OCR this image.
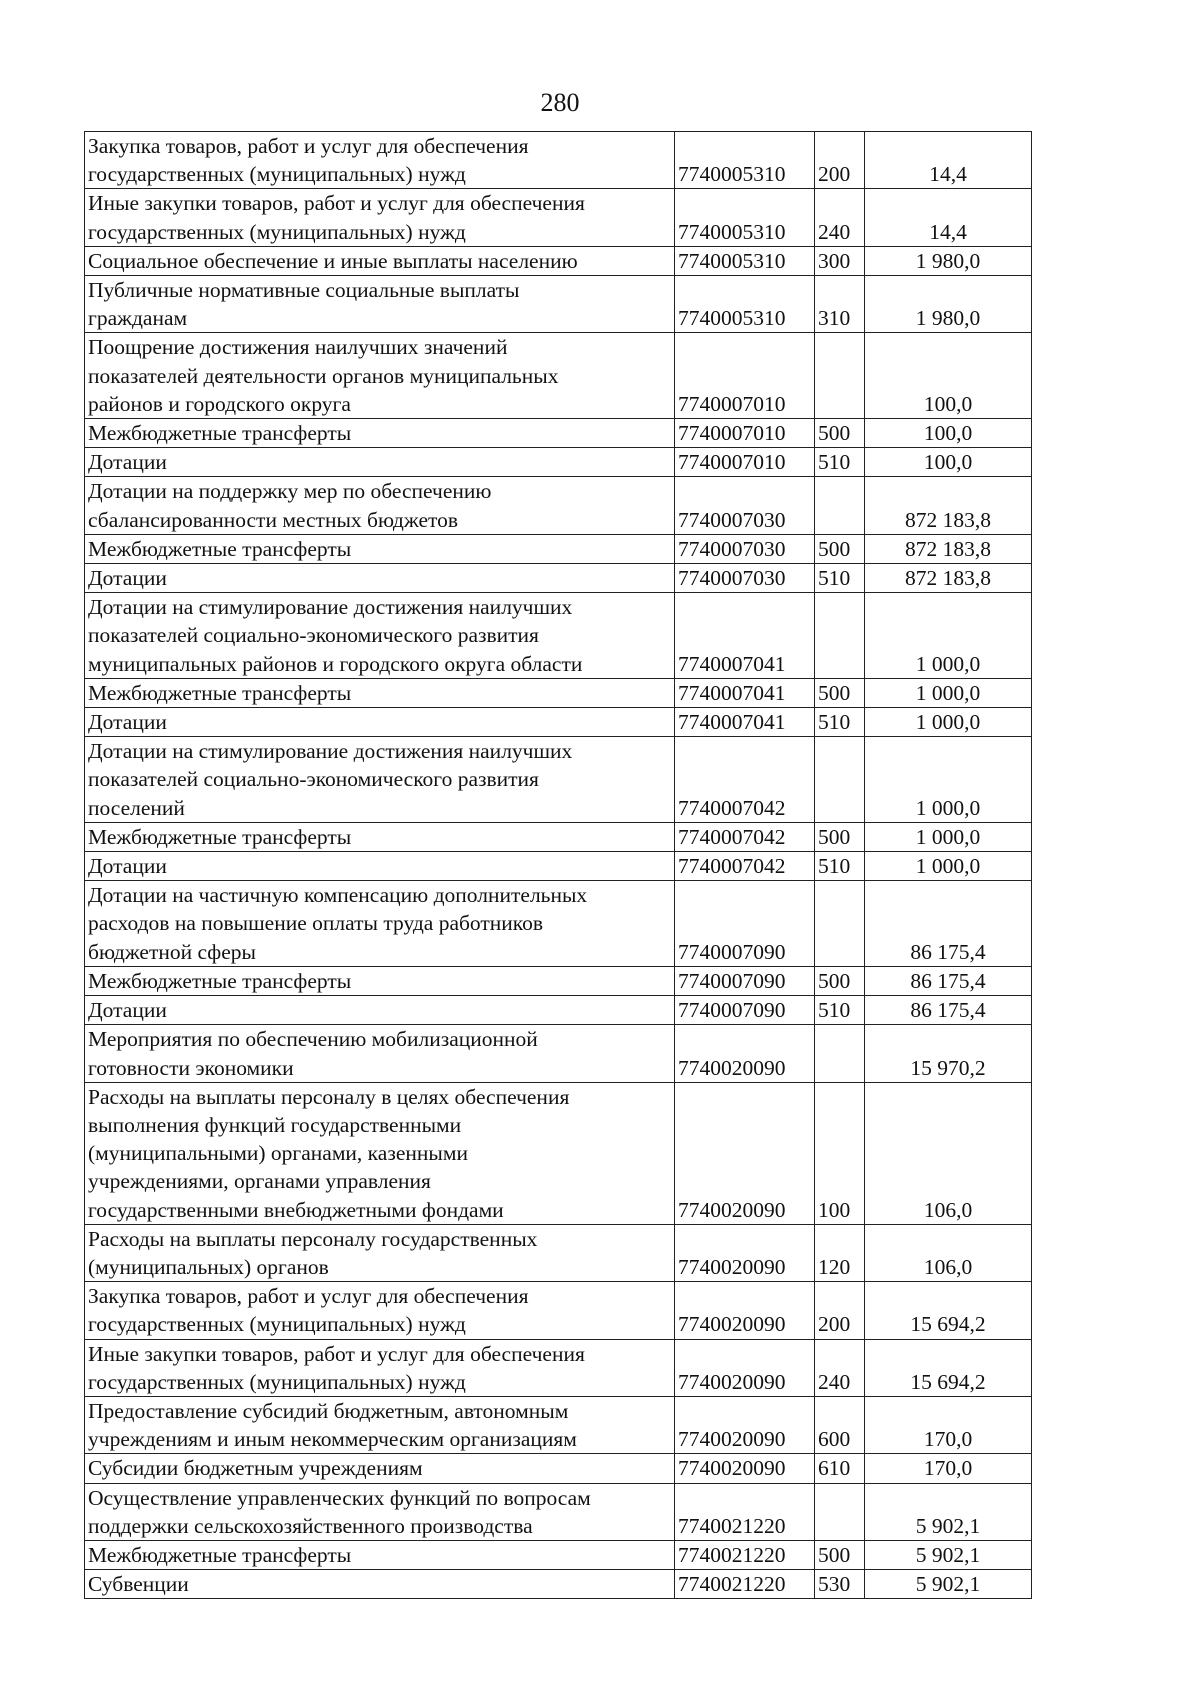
280
Закупка товаров, работ и услуг для обеспечения
государственных (муниципальных) нужд	7740005310	200	14,4
Иные закупки товаров, работ и услуг для обеспечения
государственных (муниципальных) нужд	7740005310	240	14,4
Социальное обеспечение и иные выплаты населению	7740005310	300	1 980,0
Публичные нормативные социальные выплаты
гражданам	7740005310	310	1 980,0
Поощрение достижения наилучших значений
показателей деятельности органов муниципальных
районов и городского округа	7740007010		100,0
Межбюджетные трансферты	7740007010	500	100,0
Дотации	7740007010	510	100,0
Дотации на поддержку мер по обеспечению
сбалансированности местных бюджетов	7740007030		872 183,8
Межбюджетные трансферты	7740007030	500	872 183,8
Дотации	7740007030	510	872 183,8
Дотации на стимулирование достижения наилучших
показателей социально-экономического развития
муниципальных районов и городского округа области	7740007041		1 000,0
Межбюджетные трансферты	7740007041	500	1 000,0
Дотации	7740007041	510	1 000,0
Дотации на стимулирование достижения наилучших
показателей социально-экономического развития
поселений	7740007042		1 000,0
Межбюджетные трансферты	7740007042	500	1 000,0
Дотации	7740007042	510	1 000,0
Дотации на частичную компенсацию дополнительных
расходов на повышение оплаты труда работников
бюджетной сферы	7740007090		86 175,4
Межбюджетные трансферты	7740007090	500	86 175,4
Дотации	7740007090	510	86 175,4
Мероприятия по обеспечению мобилизационной
готовности экономики	7740020090		15 970,2
Расходы на выплаты персоналу в целях обеспечения
выполнения функций государственными
(муниципальными) органами, казенными
учреждениями, органами управления
государственными внебюджетными фондами	7740020090	100	106,0
Расходы на выплаты персоналу государственных
(муниципальных) органов	7740020090	120	106,0
Закупка товаров, работ и услуг для обеспечения
государственных (муниципальных) нужд	7740020090	200	15 694,2
Иные закупки товаров, работ и услуг для обеспечения
государственных (муниципальных) нужд	7740020090	240	15 694,2
Предоставление субсидий бюджетным, автономным
учреждениям и иным некоммерческим организациям	7740020090	600	170,0
Субсидии бюджетным учреждениям	7740020090	610	170,0
Осуществление управленческих функций по вопросам
поддержки сельскохозяйственного производства	7740021220		5 902,1
Межбюджетные трансферты	7740021220	500	5 902,1
Субвенции	7740021220	530	5 902,1
